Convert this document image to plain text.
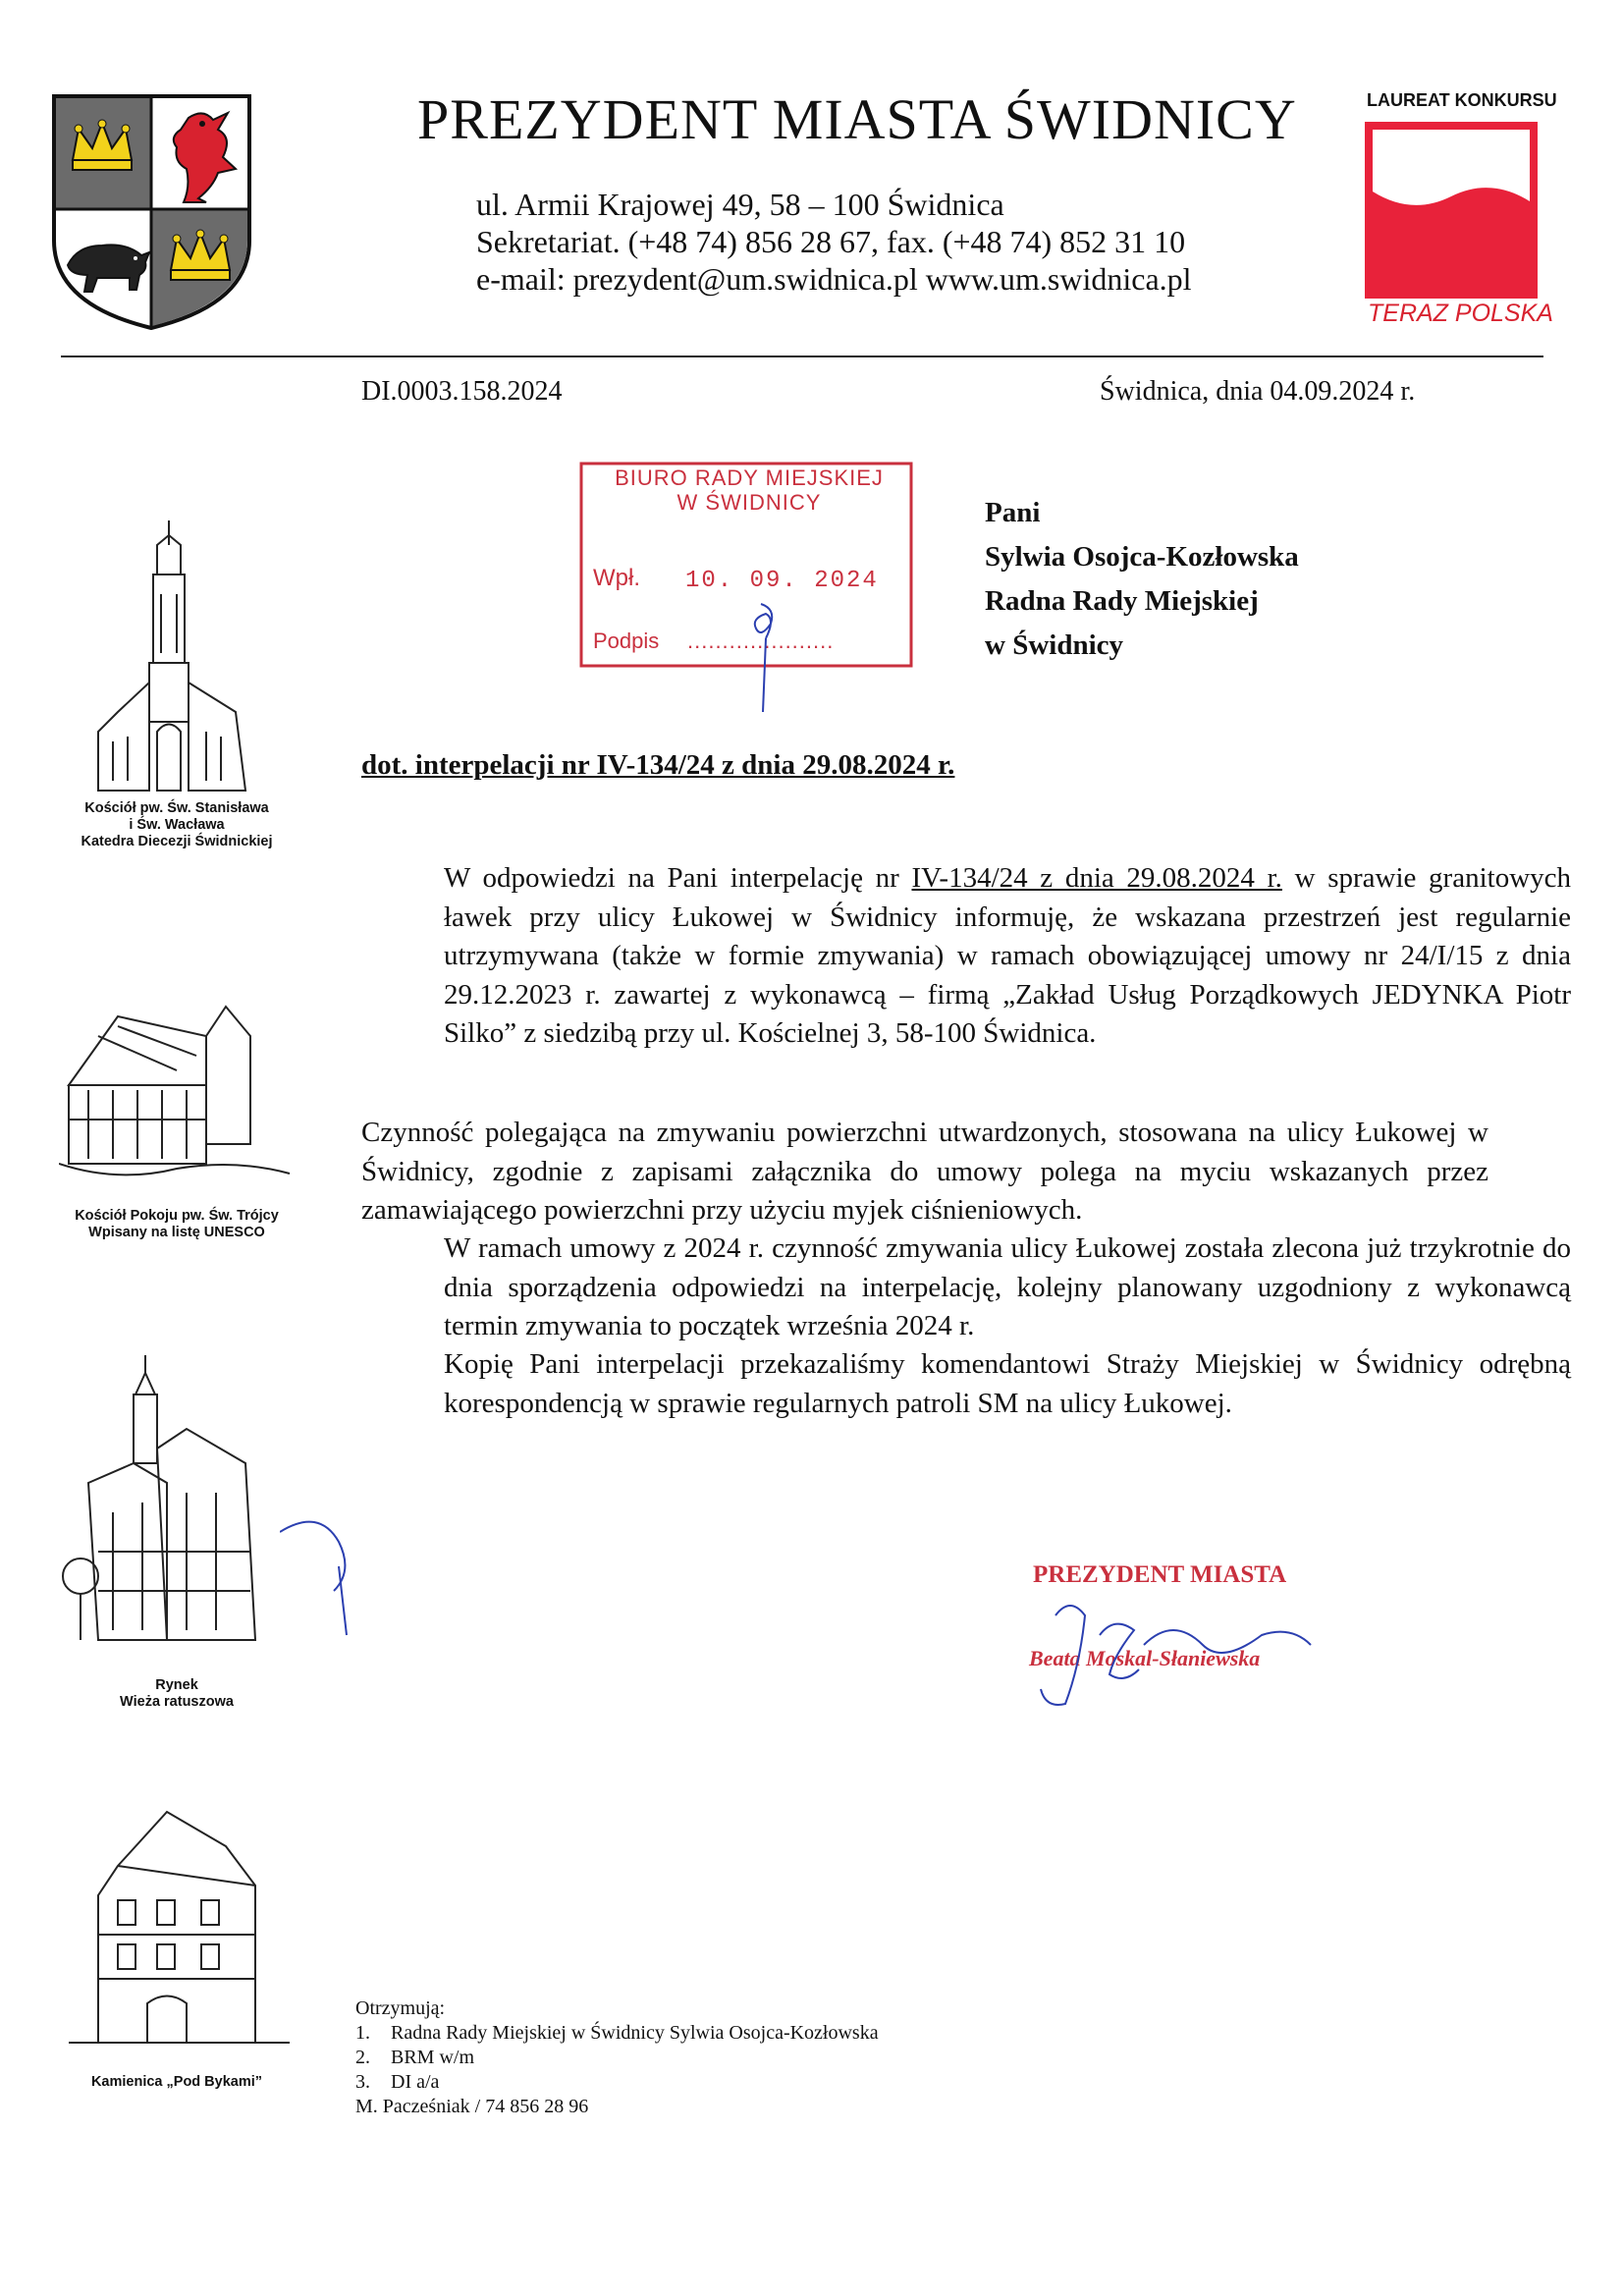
PREZYDENT MIASTA ŚWIDNICY
ul. Armii Krajowej 49, 58 – 100 Świdnica
Sekretariat. (+48 74) 856 28 67, fax. (+48 74) 852 31 10
e-mail: prezydent@um.swidnica.pl www.um.swidnica.pl
LAUREAT KONKURSU
TERAZ POLSKA
Kościół pw. Św. Stanisława
i Św. Wacława
Katedra Diecezji Świdnickiej
Kościół Pokoju pw. Św. Trójcy
Wpisany na listę UNESCO
Rynek
Wieża ratuszowa
Kamienica „Pod Bykami”
DI.0003.158.2024	Świdnica, dnia 04.09.2024 r.
BIURO RADY MIEJSKIEJ
W ŚWIDNICY
Wpł. 10. 09. 2024
Podpis .....................
Pani
Sylwia Osojca-Kozłowska
Radna Rady Miejskiej
w Świdnicy
dot. interpelacji nr IV-134/24 z dnia 29.08.2024 r.
W odpowiedzi na Pani interpelację nr IV-134/24 z dnia 29.08.2024 r. w sprawie granitowych ławek przy ulicy Łukowej w Świdnicy informuję, że wskazana przestrzeń jest regularnie utrzymywana (także w formie zmywania) w ramach obowiązującej umowy nr 24/I/15 z dnia 29.12.2023 r. zawartej z wykonawcą – firmą „Zakład Usług Porządkowych JEDYNKA Piotr Silko” z siedzibą przy ul. Kościelnej 3, 58-100 Świdnica.
Czynność polegająca na zmywaniu powierzchni utwardzonych, stosowana na ulicy Łukowej w Świdnicy, zgodnie z zapisami załącznika do umowy polega na myciu wskazanych przez zamawiającego powierzchni przy użyciu myjek ciśnieniowych.
W ramach umowy z 2024 r. czynność zmywania ulicy Łukowej została zlecona już trzykrotnie do dnia sporządzenia odpowiedzi na interpelację, kolejny planowany uzgodniony z wykonawcą termin zmywania to początek września 2024 r.
Kopię Pani interpelacji przekazaliśmy komendantowi Straży Miejskiej w Świdnicy odrębną korespondencją w sprawie regularnych patroli SM na ulicy Łukowej.
PREZYDENT MIASTA
Beata Moskal-Słaniewska
Otrzymują:
1. Radna Rady Miejskiej w Świdnicy Sylwia Osojca-Kozłowska
2. BRM w/m
3. DI a/a
M. Pacześniak / 74 856 28 96
